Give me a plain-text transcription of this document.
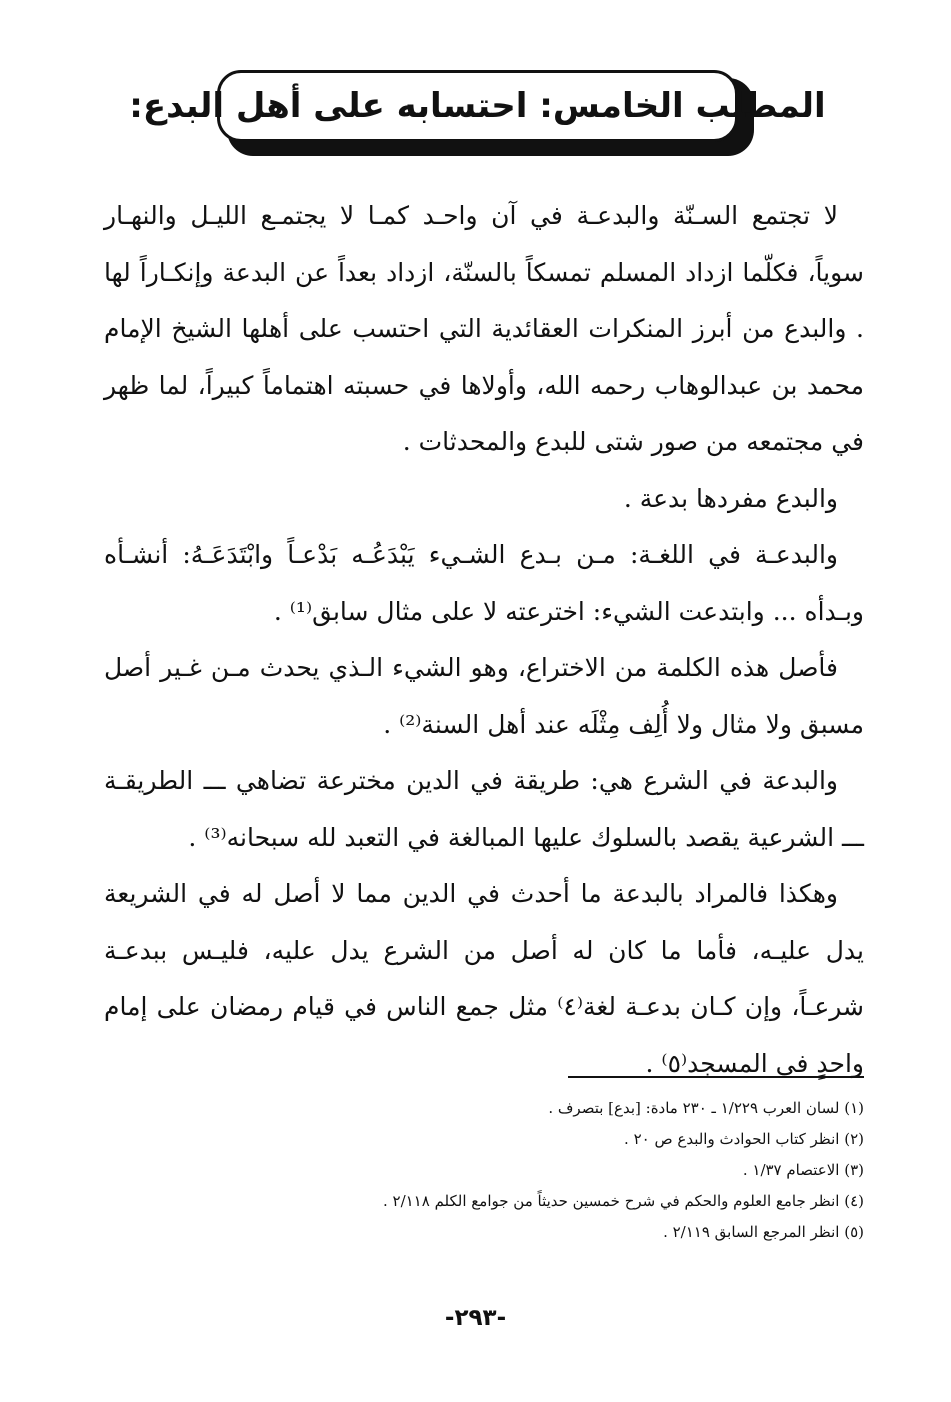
المطلب الخامس: احتسابه على أهل البدع:

لا تجتمع السـنّة والبدعـة في آن واحـد كمـا لا يجتمـع الليـل والنهـار سوياً، فكلّما ازداد المسلم تمسكاً بالسنّة، ازداد بعداً عن البدعة وإنكـاراً لها . والبدع من أبرز المنكرات العقائدية التي احتسب على أهلها الشيخ الإمام محمد بن عبدالوهاب رحمه الله، وأولاها في حسبته اهتماماً كبيراً، لما ظهر في مجتمعه من صور شتى للبدع والمحدثات .

والبدع مفردها بدعة .

والبدعـة في اللغـة: مـن بـدع الشـيء يَبْدَعُـه بَدْعـاً وابْتَدَعَـهُ: أنشـأه وبـدأه ... وابتدعت الشيء: اخترعته لا على مثال سابق⁽¹⁾ .

فأصل هذه الكلمة من الاختراع، وهو الشيء الـذي يحدث مـن غـير أصل مسبق ولا مثال ولا أُلِف مِثْلَه عند أهل السنة⁽²⁾ .

والبدعة في الشرع هي: طريقة في الدين مخترعة تضاهي ـــ الطريقـة ـــ الشرعية يقصد بالسلوك عليها المبالغة في التعبد لله سبحانه⁽³⁾ .

وهكذا فالمراد بالبدعة ما أحدث في الدين مما لا أصل له في الشريعة يدل عليـه، فأما ما كان له أصل من الشرع يدل عليه، فليـس ببدعـة شرعـاً، وإن كـان بدعـة لغة⁽٤⁾ مثل جمع الناس في قيام رمضان على إمام واحدٍ في المسجد⁽٥⁾ .

(١) لسان العرب ١/٢٢٩ ـ ٢٣٠ مادة: [بدع] بتصرف .

(٢) انظر كتاب الحوادث والبدع ص ٢٠ .

(٣) الاعتصام ١/٣٧ .

(٤) انظر جامع العلوم والحكم في شرح خمسين حديثاً من جوامع الكلم ٢/١١٨ .

(٥) انظر المرجع السابق ٢/١١٩ .

-٢٩٣-
